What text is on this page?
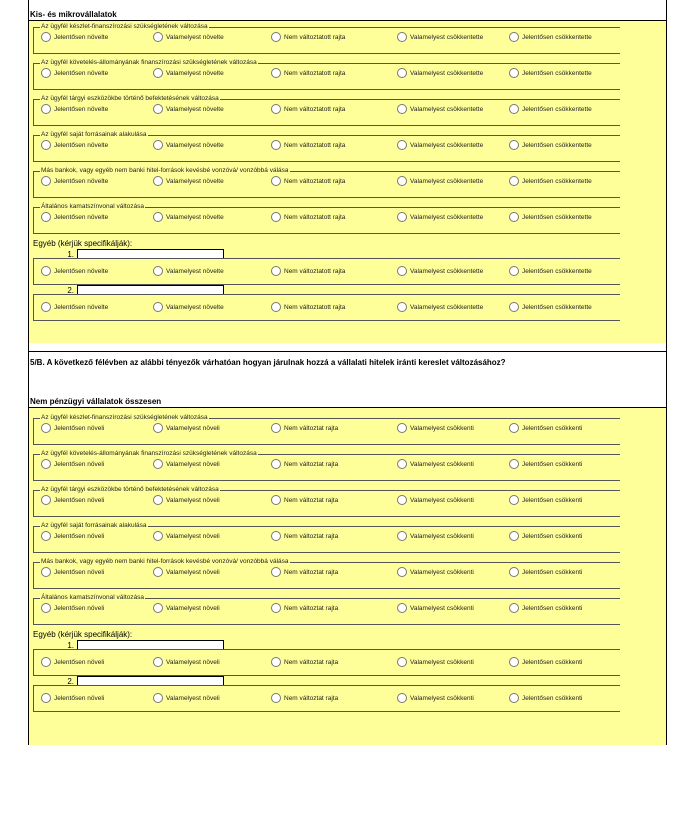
Kis- és mikrovállalatok
5/B. A következő félévben az alábbi tényezők várhatóan hogyan járulnak hozzá a vállalati hitelek iránti kereslet változásához?
Nem pénzügyi vállalatok összesen
Az ügyfél készlet-finanszírozási szükségletének változása
Jelentősen növelte	Valamelyest növelte	Nem változtatott rajta	Valamelyest csökkentette	Jelentősen csökkentette
Az ügyfél követelés-állományának finanszírozási szükségletének változása
Jelentősen növelte	Valamelyest növelte	Nem változtatott rajta	Valamelyest csökkentette	Jelentősen csökkentette
Az ügyfél tárgyi eszközökbe történő befektetésének változása
Jelentősen növelte	Valamelyest növelte	Nem változtatott rajta	Valamelyest csökkentette	Jelentősen csökkentette
Az ügyfél saját forrásainak alakulása
Jelentősen növelte	Valamelyest növelte	Nem változtatott rajta	Valamelyest csökkentette	Jelentősen csökkentette
Más bankok, vagy egyéb nem banki hitel-források kevésbé vonzóvá/ vonzóbbá válása
Jelentősen növelte	Valamelyest növelte	Nem változtatott rajta	Valamelyest csökkentette	Jelentősen csökkentette
Általános kamatszínvonal változása
Jelentősen növelte	Valamelyest növelte	Nem változtatott rajta	Valamelyest csökkentette	Jelentősen csökkentette
Egyéb (kérjük specifikálják):
1.
Jelentősen növelte	Valamelyest növelte	Nem változtatott rajta	Valamelyest csökkentette	Jelentősen csökkentette
2.
Jelentősen növelte	Valamelyest növelte	Nem változtatott rajta	Valamelyest csökkentette	Jelentősen csökkentette
Az ügyfél készlet-finanszírozási szükségletének változása
Jelentősen növeli	Valamelyest növeli	Nem változtat rajta	Valamelyest csökkenti	Jelentősen csökkenti
Az ügyfél követelés-állományának finanszírozási szükségletének változása
Jelentősen növeli	Valamelyest növeli	Nem változtat rajta	Valamelyest csökkenti	Jelentősen csökkenti
Az ügyfél tárgyi eszközökbe történő befektetésének változása
Jelentősen növeli	Valamelyest növeli	Nem változtat rajta	Valamelyest csökkenti	Jelentősen csökkenti
Az ügyfél saját forrásainak alakulása
Jelentősen növeli	Valamelyest növeli	Nem változtat rajta	Valamelyest csökkenti	Jelentősen csökkenti
Más bankok, vagy egyéb nem banki hitel-források kevésbé vonzóvá/ vonzóbbá válása
Jelentősen növeli	Valamelyest növeli	Nem változtat rajta	Valamelyest csökkenti	Jelentősen csökkenti
Általános kamatszínvonal változása
Jelentősen növeli	Valamelyest növeli	Nem változtat rajta	Valamelyest csökkenti	Jelentősen csökkenti
Egyéb (kérjük specifikálják):
1.
Jelentősen növeli	Valamelyest növeli	Nem változtat rajta	Valamelyest csökkenti	Jelentősen csökkenti
2.
Jelentősen növeli	Valamelyest növeli	Nem változtat rajta	Valamelyest csökkenti	Jelentősen csökkenti
